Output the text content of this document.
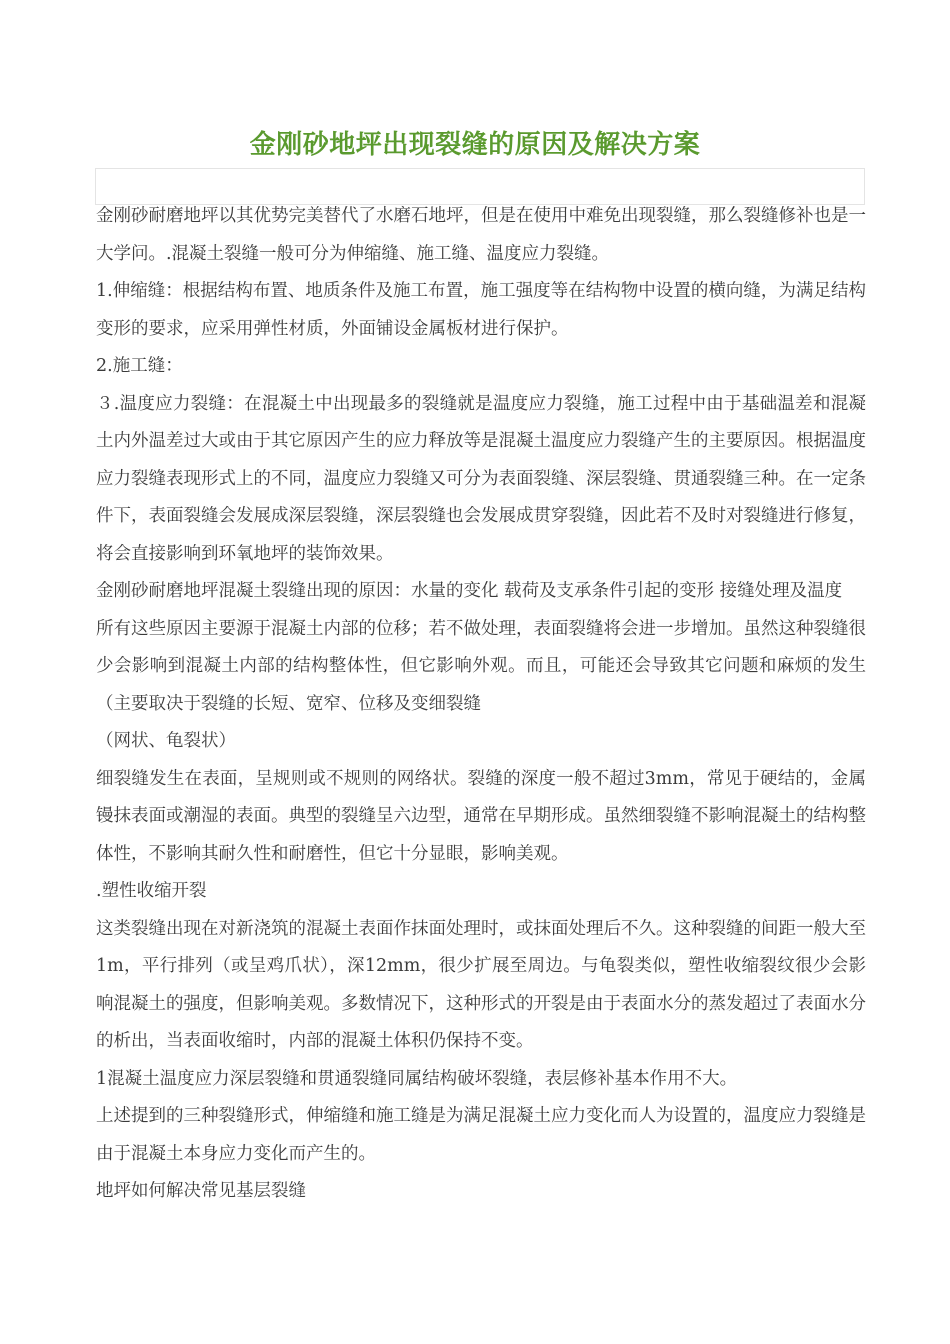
金刚砂地坪出现裂缝的原因及解决方案

金刚砂耐磨地坪以其优势完美替代了水磨石地坪，但是在使用中难免出现裂缝，那么裂缝修补也是一大学问。.混凝土裂缝一般可分为伸缩缝、施工缝、温度应力裂缝。

1.伸缩缝：根据结构布置、地质条件及施工布置，施工强度等在结构物中设置的横向缝，为满足结构变形的要求，应采用弹性材质，外面铺设金属板材进行保护。

2.施工缝：

３.温度应力裂缝：在混凝土中出现最多的裂缝就是温度应力裂缝，施工过程中由于基础温差和混凝土内外温差过大或由于其它原因产生的应力释放等是混凝土温度应力裂缝产生的主要原因。根据温度应力裂缝表现形式上的不同，温度应力裂缝又可分为表面裂缝、深层裂缝、贯通裂缝三种。在一定条件下，表面裂缝会发展成深层裂缝，深层裂缝也会发展成贯穿裂缝，因此若不及时对裂缝进行修复，将会直接影响到环氧地坪的装饰效果。

金刚砂耐磨地坪混凝土裂缝出现的原因：水量的变化 载荷及支承条件引起的变形 接缝处理及温度

所有这些原因主要源于混凝土内部的位移；若不做处理，表面裂缝将会进一步增加。虽然这种裂缝很少会影响到混凝土内部的结构整体性，但它影响外观。而且，可能还会导致其它问题和麻烦的发生（主要取决于裂缝的长短、宽窄、位移及变细裂缝

（网状、龟裂状）

细裂缝发生在表面，呈规则或不规则的网络状。裂缝的深度一般不超过3mm，常见于硬结的，金属镘抹表面或潮湿的表面。典型的裂缝呈六边型，通常在早期形成。虽然细裂缝不影响混凝土的结构整体性，不影响其耐久性和耐磨性，但它十分显眼，影响美观。

.塑性收缩开裂

这类裂缝出现在对新浇筑的混凝土表面作抹面处理时，或抹面处理后不久。这种裂缝的间距一般大至1m，平行排列（或呈鸡爪状），深12mm，很少扩展至周边。与龟裂类似，塑性收缩裂纹很少会影响混凝土的强度，但影响美观。多数情况下，这种形式的开裂是由于表面水分的蒸发超过了表面水分的析出，当表面收缩时，内部的混凝土体积仍保持不变。

1混凝土温度应力深层裂缝和贯通裂缝同属结构破坏裂缝，表层修补基本作用不大。

上述提到的三种裂缝形式，伸缩缝和施工缝是为满足混凝土应力变化而人为设置的，温度应力裂缝是由于混凝土本身应力变化而产生的。

地坪如何解决常见基层裂缝
